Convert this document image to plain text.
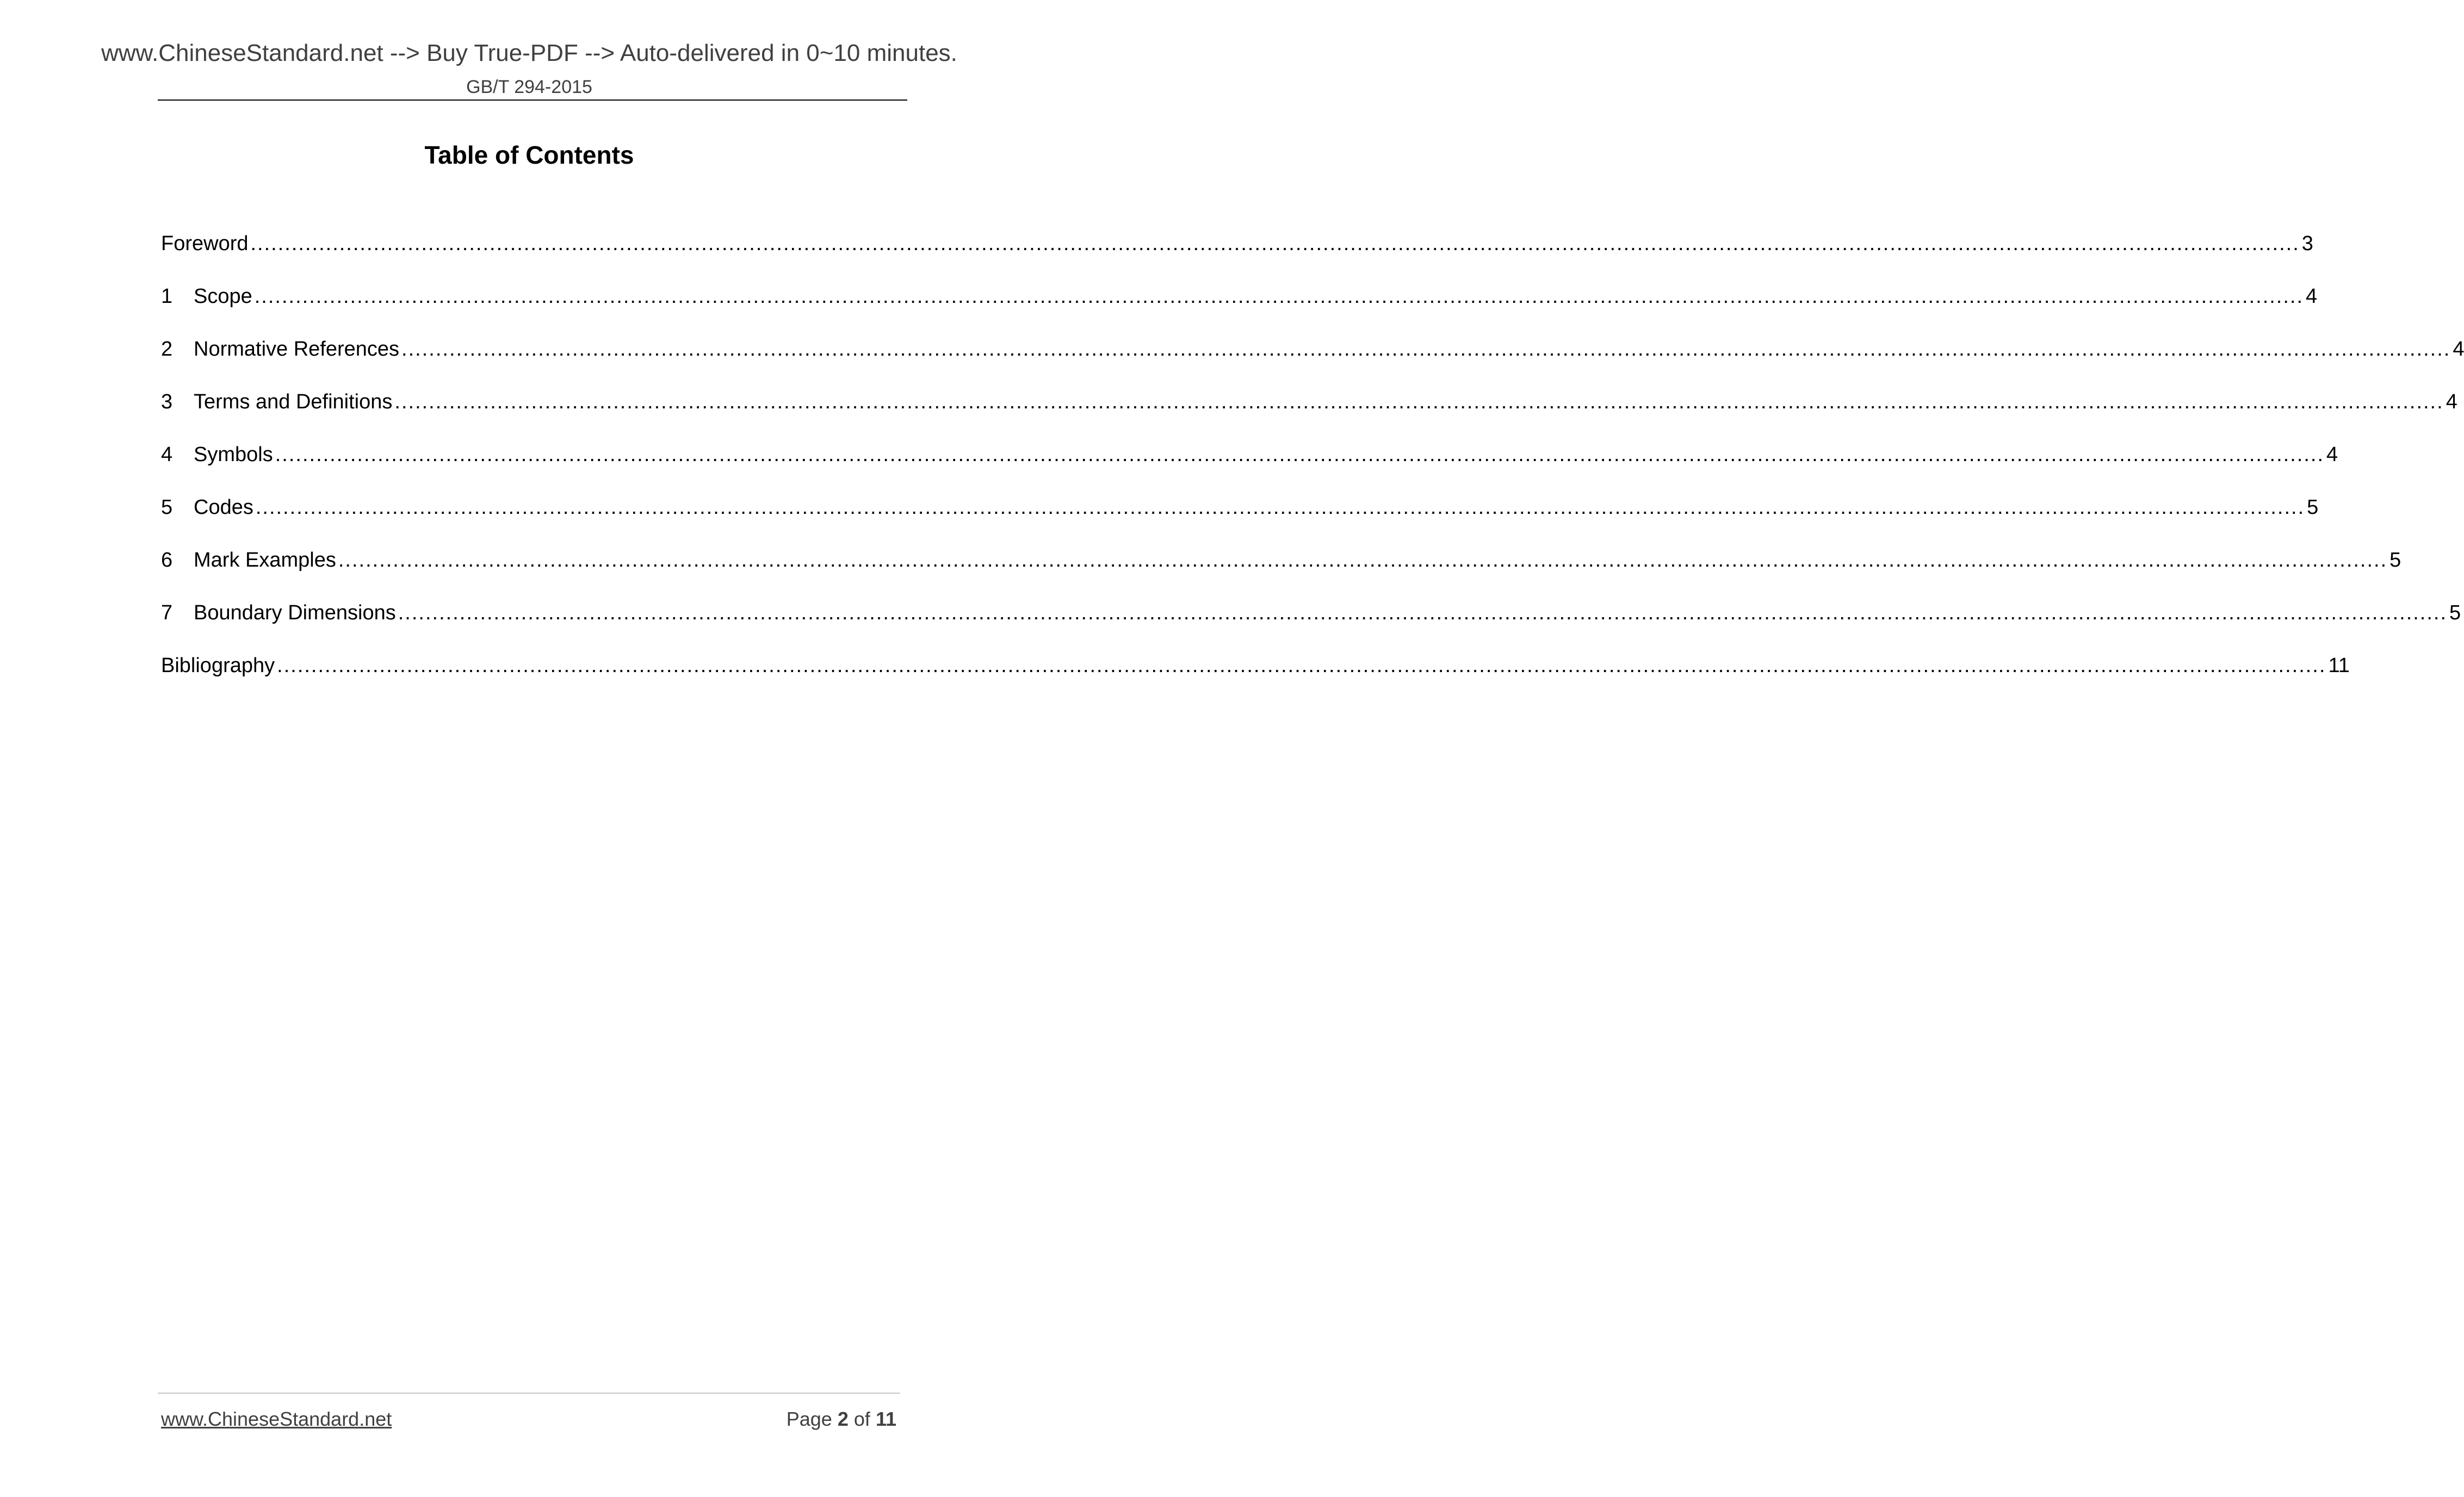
www.ChineseStandard.net --> Buy True-PDF --> Auto-delivered in 0~10 minutes.
GB/T 294-2015
Table of Contents
Foreword ............................................................................................................................................................................................................................................................................................................ 3
1	Scope ............................................................................................................................................................................................................................................................................................................ 4
2	Normative References ............................................................................................................................................................................................................................................................................................................ 4
3	Terms and Definitions ............................................................................................................................................................................................................................................................................................................ 4
4	Symbols ............................................................................................................................................................................................................................................................................................................ 4
5	Codes ............................................................................................................................................................................................................................................................................................................ 5
6	Mark Examples ............................................................................................................................................................................................................................................................................................................ 5
7	Boundary Dimensions ............................................................................................................................................................................................................................................................................................................ 5
Bibliography ............................................................................................................................................................................................................................................................................................................ 11
www.ChineseStandard.net	Page 2 of 11
